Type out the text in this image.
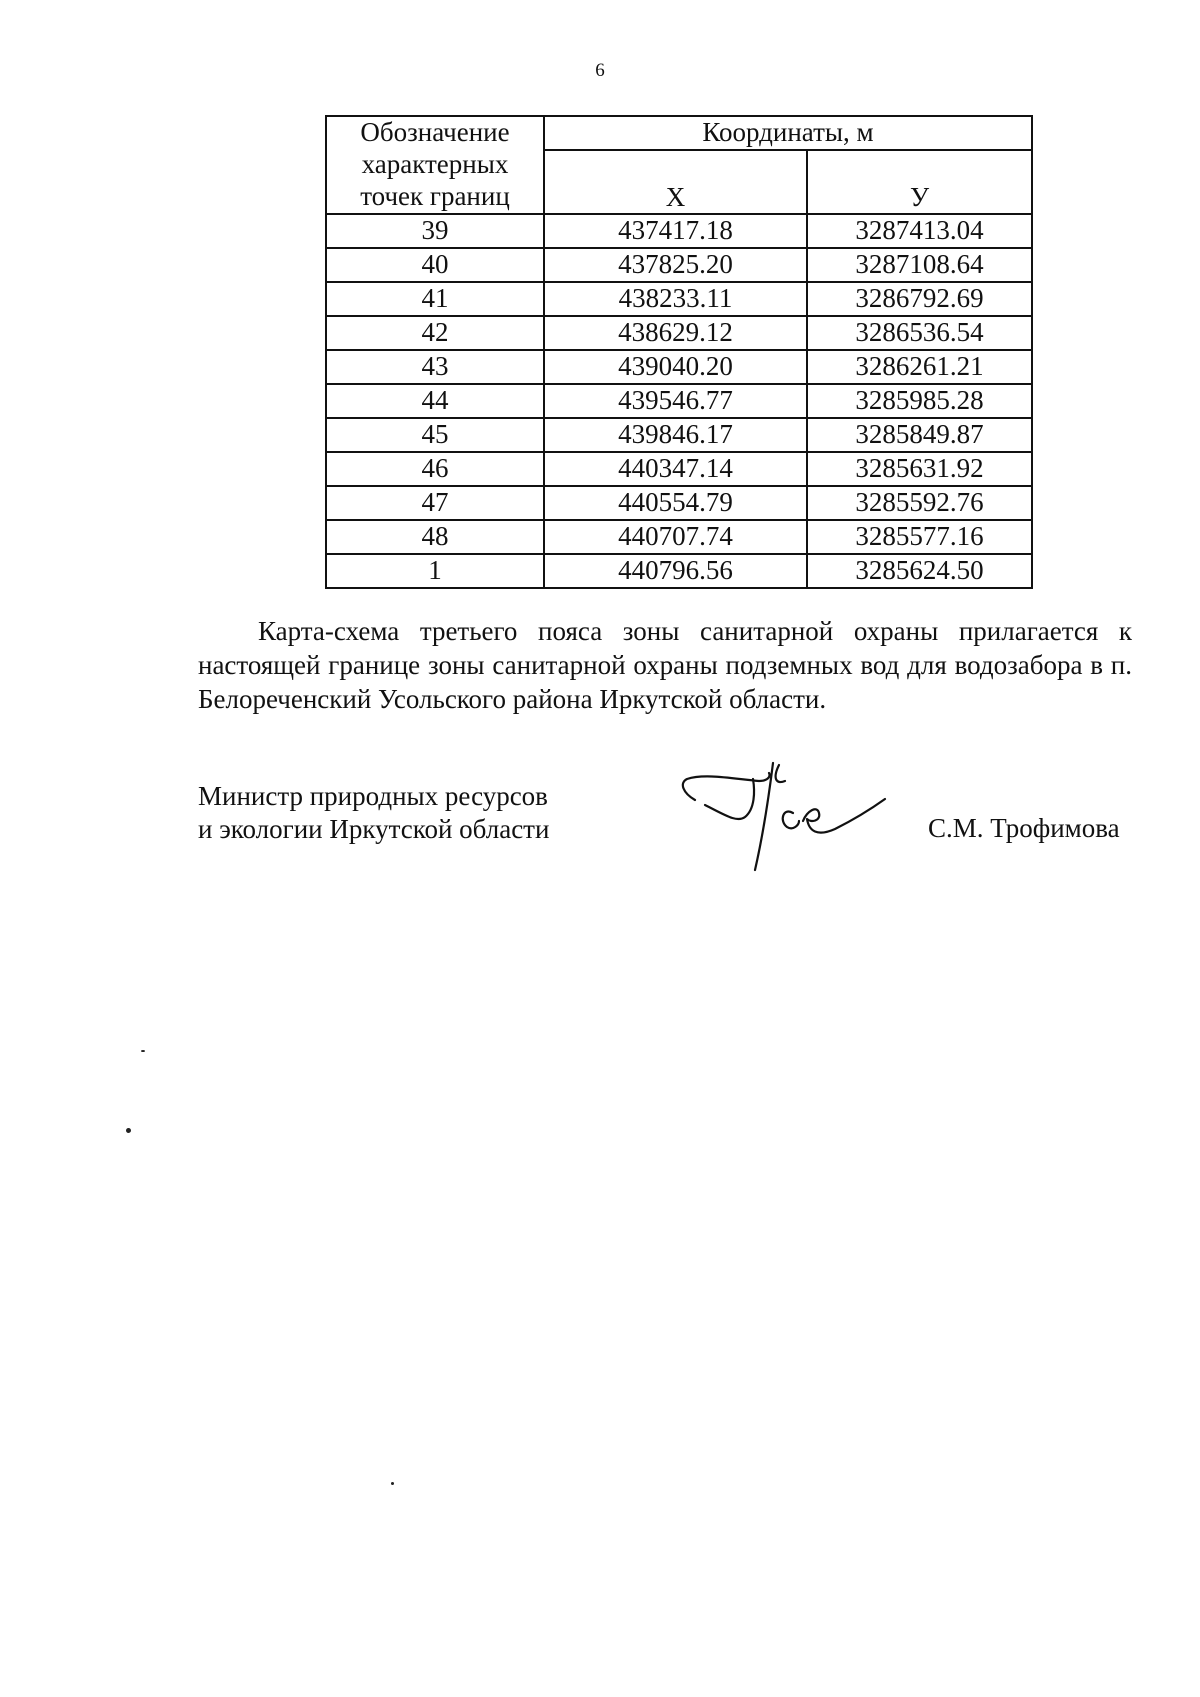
6
Обозначение
характерных
точек границ	Координаты, м	
	Х	У
39	437417.18	3287413.04
40	437825.20	3287108.64
41	438233.11	3286792.69
42	438629.12	3286536.54
43	439040.20	3286261.21
44	439546.77	3285985.28
45	439846.17	3285849.87
46	440347.14	3285631.92
47	440554.79	3285592.76
48	440707.74	3285577.16
1	440796.56	3285624.50

Карта-схема третьего пояса зоны санитарной охраны прилагается к настоящей границе зоны санитарной охраны подземных вод для водозабора в п. Белореченский Усольского района Иркутской области.

Министр природных ресурсов
и экологии Иркутской области	С.М. Трофимова
